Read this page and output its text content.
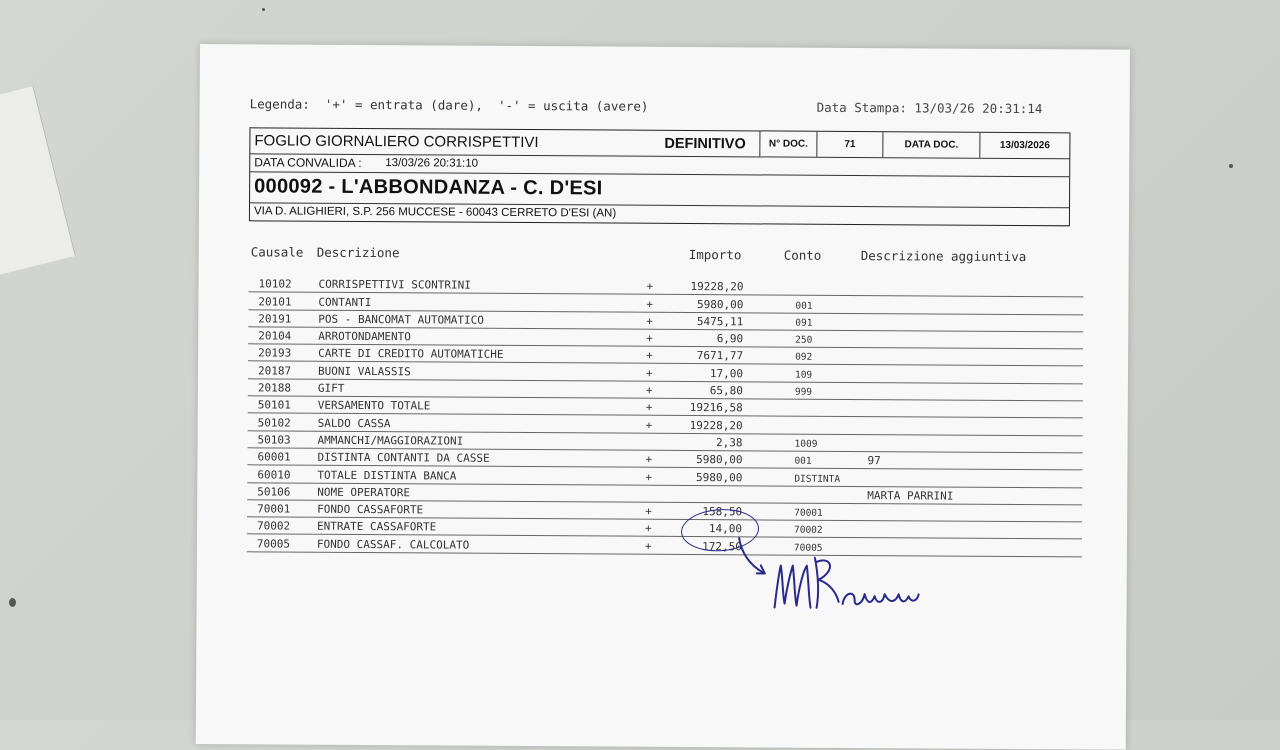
Legenda:  '+' = entrata (dare),  '-' = uscita (avere)	Data Stampa: 13/03/26 20:31:14
FOGLIO GIORNALIERO CORRISPETTIVI	DEFINITIVO	N° DOC.	71	DATA DOC.	13/03/2026
DATA CONVALIDA : 13/03/26 20:31:10
000092 - L'ABBONDANZA - C. D'ESI
VIA D. ALIGHIERI, S.P. 256 MUCCESE - 60043 CERRETO D'ESI (AN)
Causale Descrizione	Importo	Conto	Descrizione aggiuntiva
10102 CORRISPETTIVI SCONTRINI	+	19228,20
20101 CONTANTI	+	5980,00	001
20191 POS - BANCOMAT AUTOMATICO	+	5475,11	091
20104 ARROTONDAMENTO	+	6,90	250
20193 CARTE DI CREDITO AUTOMATICHE	+	7671,77	092
20187 BUONI VALASSIS	+	17,00	109
20188 GIFT	+	65,80	999
50101 VERSAMENTO TOTALE	+	19216,58
50102 SALDO CASSA	+	19228,20
50103 AMMANCHI/MAGGIORAZIONI	2,38	1009
60001 DISTINTA CONTANTI DA CASSE	+	5980,00	001	97
60010 TOTALE DISTINTA BANCA	+	5980,00	DISTINTA
50106 NOME OPERATORE	MARTA PARRINI
70001 FONDO CASSAFORTE	+	158,50	70001
70002 ENTRATE CASSAFORTE	+	14,00	70002
70005 FONDO CASSAF. CALCOLATO	+	172,50	70005
